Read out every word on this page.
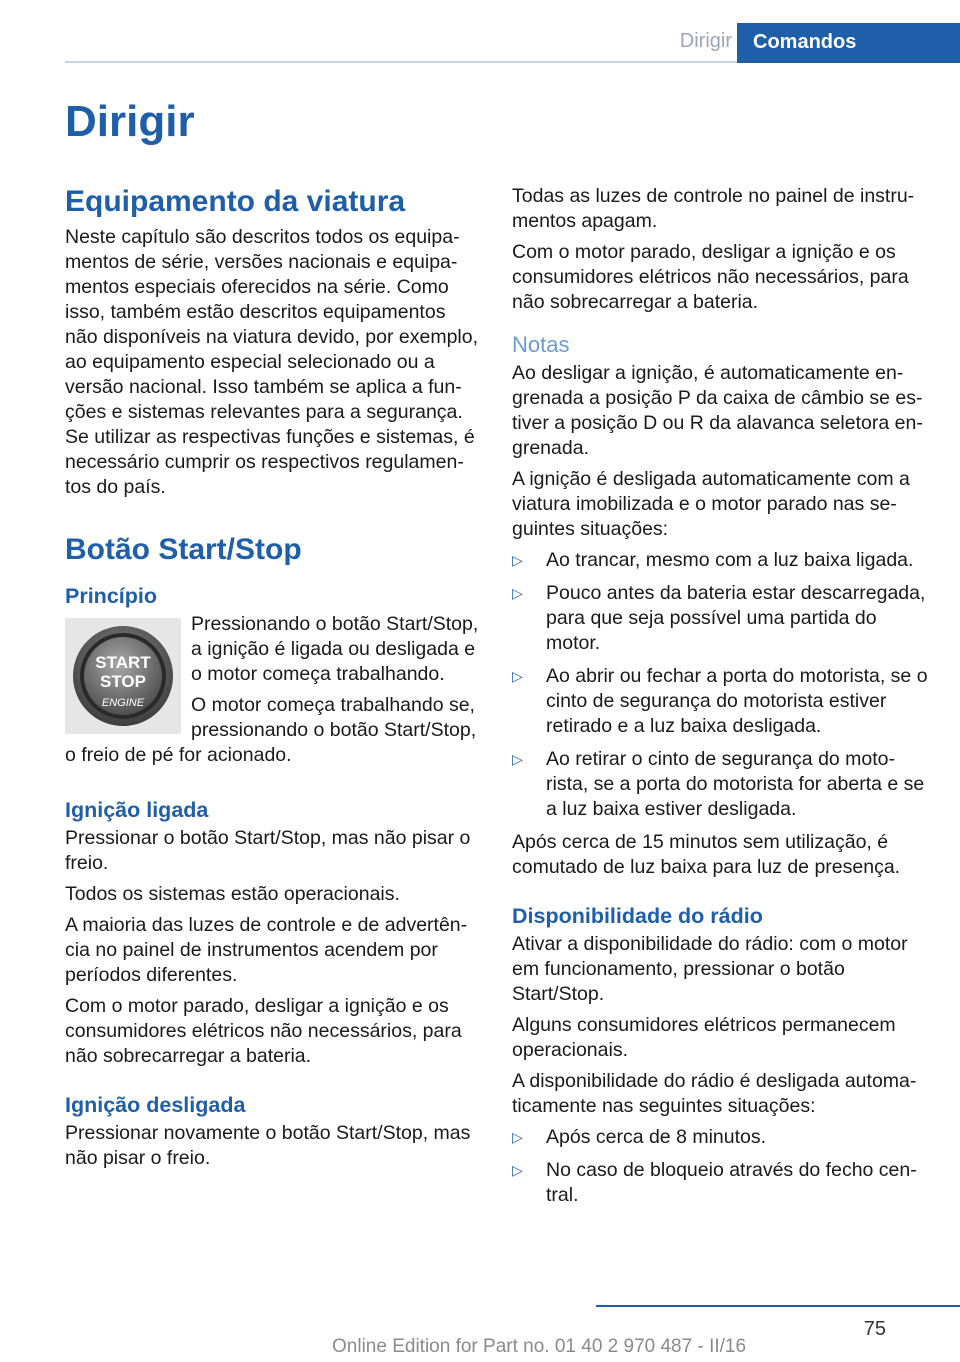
Dirigir	Comandos
Dirigir
Equipamento da viatura

Neste capítulo são descritos todos os equipamentos de série, versões nacionais e equipamentos especiais oferecidos na série. Como isso, também estão descritos equipamentos não disponíveis na viatura devido, por exemplo, ao equipamento especial selecionado ou a versão nacional. Isso também se aplica a funções e sistemas relevantes para a segurança. Se utilizar as respectivas funções e sistemas, é necessário cumprir os respectivos regulamentos do país.

Botão Start/Stop
Princípio
START
STOP
ENGINE

Pressionando o botão Start/Stop, a ignição é ligada ou desligada e o motor começa trabalhando.

O motor começa trabalhando se, pressionando o botão Start/Stop, o freio de pé for acionado.

Ignição ligada

Pressionar o botão Start/Stop, mas não pisar o freio.

Todos os sistemas estão operacionais.

A maioria das luzes de controle e de advertência no painel de instrumentos acendem por períodos diferentes.

Com o motor parado, desligar a ignição e os consumidores elétricos não necessários, para não sobrecarregar a bateria.

Ignição desligada

Pressionar novamente o botão Start/Stop, mas não pisar o freio.

Todas as luzes de controle no painel de instrumentos apagam.

Com o motor parado, desligar a ignição e os consumidores elétricos não necessários, para não sobrecarregar a bateria.

Notas

Ao desligar a ignição, é automaticamente engrenada a posição P da caixa de câmbio se estiver a posição D ou R da alavanca seletora engrenada.

A ignição é desligada automaticamente com a viatura imobilizada e o motor parado nas seguintes situações:

▷ Ao trancar, mesmo com a luz baixa ligada.
▷ Pouco antes da bateria estar descarregada, para que seja possível uma partida do motor.
▷ Ao abrir ou fechar a porta do motorista, se o cinto de segurança do motorista estiver retirado e a luz baixa desligada.
▷ Ao retirar o cinto de segurança do motorista, se a porta do motorista for aberta e se a luz baixa estiver desligada.

Após cerca de 15 minutos sem utilização, é comutado de luz baixa para luz de presença.

Disponibilidade do rádio

Ativar a disponibilidade do rádio: com o motor em funcionamento, pressionar o botão Start/Stop.

Alguns consumidores elétricos permanecem operacionais.

A disponibilidade do rádio é desligada automaticamente nas seguintes situações:

▷ Após cerca de 8 minutos.
▷ No caso de bloqueio através do fecho central.
75
Online Edition for Part no. 01 40 2 970 487 - II/16
